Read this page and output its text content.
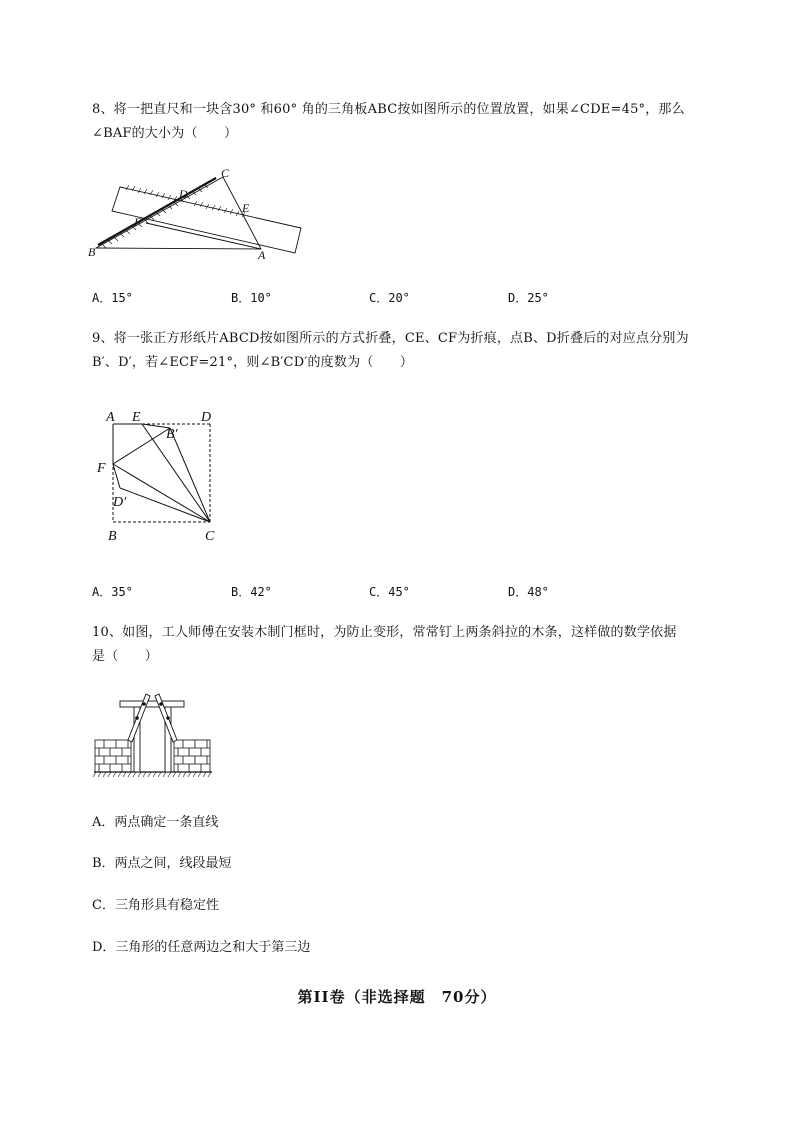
8、将一把直尺和一块含30° 和60° 角的三角板ABC按如图所示的位置放置，如果∠CDE=45°，那么
∠BAF的大小为（　　）
B	A
C
D
E
F
A．15°	B．10°	C．20°	D．25°
9、将一张正方形纸片ABCD按如图所示的方式折叠，CE、CF为折痕，点B、D折叠后的对应点分别为
B′、D′，若∠ECF=21°，则∠B′CD′的度数为（　　）
A E	D
B′
F
D′
B	C
A．35°	B．42°	C．45°	D．48°
10、如图，工人师傅在安装木制门框时，为防止变形，常常钉上两条斜拉的木条，这样做的数学依据
是（　　）
A．两点确定一条直线
B．两点之间，线段最短
C．三角形具有稳定性
D．三角形的任意两边之和大于第三边
第II卷（非选择题　70分）
